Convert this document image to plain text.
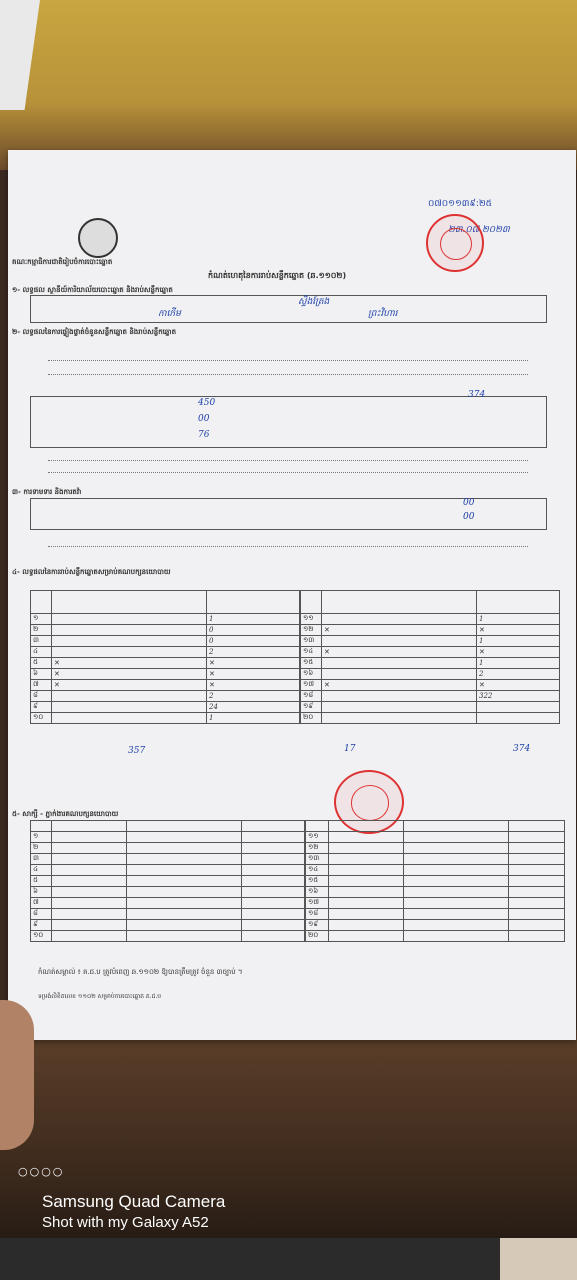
គណៈកម្មាធិការជាតិរៀបចំការបោះឆ្នោត
០៧០១១៣៩:២៥
២៣.០៧.២០២៣
កំណត់ហេតុនៃការរាប់សន្លឹកឆ្នោត (ឆ.១១០២)
១- លទ្ធផល ស្ថានីយ៍ការិយាល័យបោះឆ្នោត និងរាប់សន្លឹកឆ្នោត
ស្ទឹងត្រែង
កាកើម	ព្រះវិហារ
២- លទ្ធផលនៃការផ្ទៀងផ្ទាត់ចំនួនសន្លឹកឆ្នោត និងរាប់សន្លឹកឆ្នោត
450
00
76
374
៣- ការទាមទារ និងការតវ៉ា
00
00
៤- លទ្ធផលនៃការរាប់សន្លឹកឆ្នោតសម្រាប់គណបក្សនយោបាយ

១		1
២		0
៣		0
៤		2
៥	✕	✕
៦	✕	✕
៧	✕	✕
៨		2
៩		24
១០		1

១១		1
១២	✕	✕
១៣		1
១៤	✕	✕
១៥		1
១៦		2
១៧	✕	✕
១៨		322
១៩		
២០		
357	17	374
៥- សាក្សី - ភ្នាក់ងារគណបក្សនយោបាយ

១			
២			
៣			
៤			
៥			
៦			
៧			
៨			
៩			
១០			

១១			
១២			
១៣			
១៤			
១៥			
១៦			
១៧			
១៨			
១៩			
២០			
កំណត់សម្គាល់ ៖ គ.ជ.ប ត្រូវបំពេញ ឆ.១១០២ ឱ្យបានត្រឹមត្រូវ ចំនួន ៣ច្បាប់ ។
ទម្រង់លិខិតលេខ ១១០២ សម្រាប់ការបោះឆ្នោត គ.ជ.ប
○○○○
Samsung Quad Camera
Shot with my Galaxy A52
